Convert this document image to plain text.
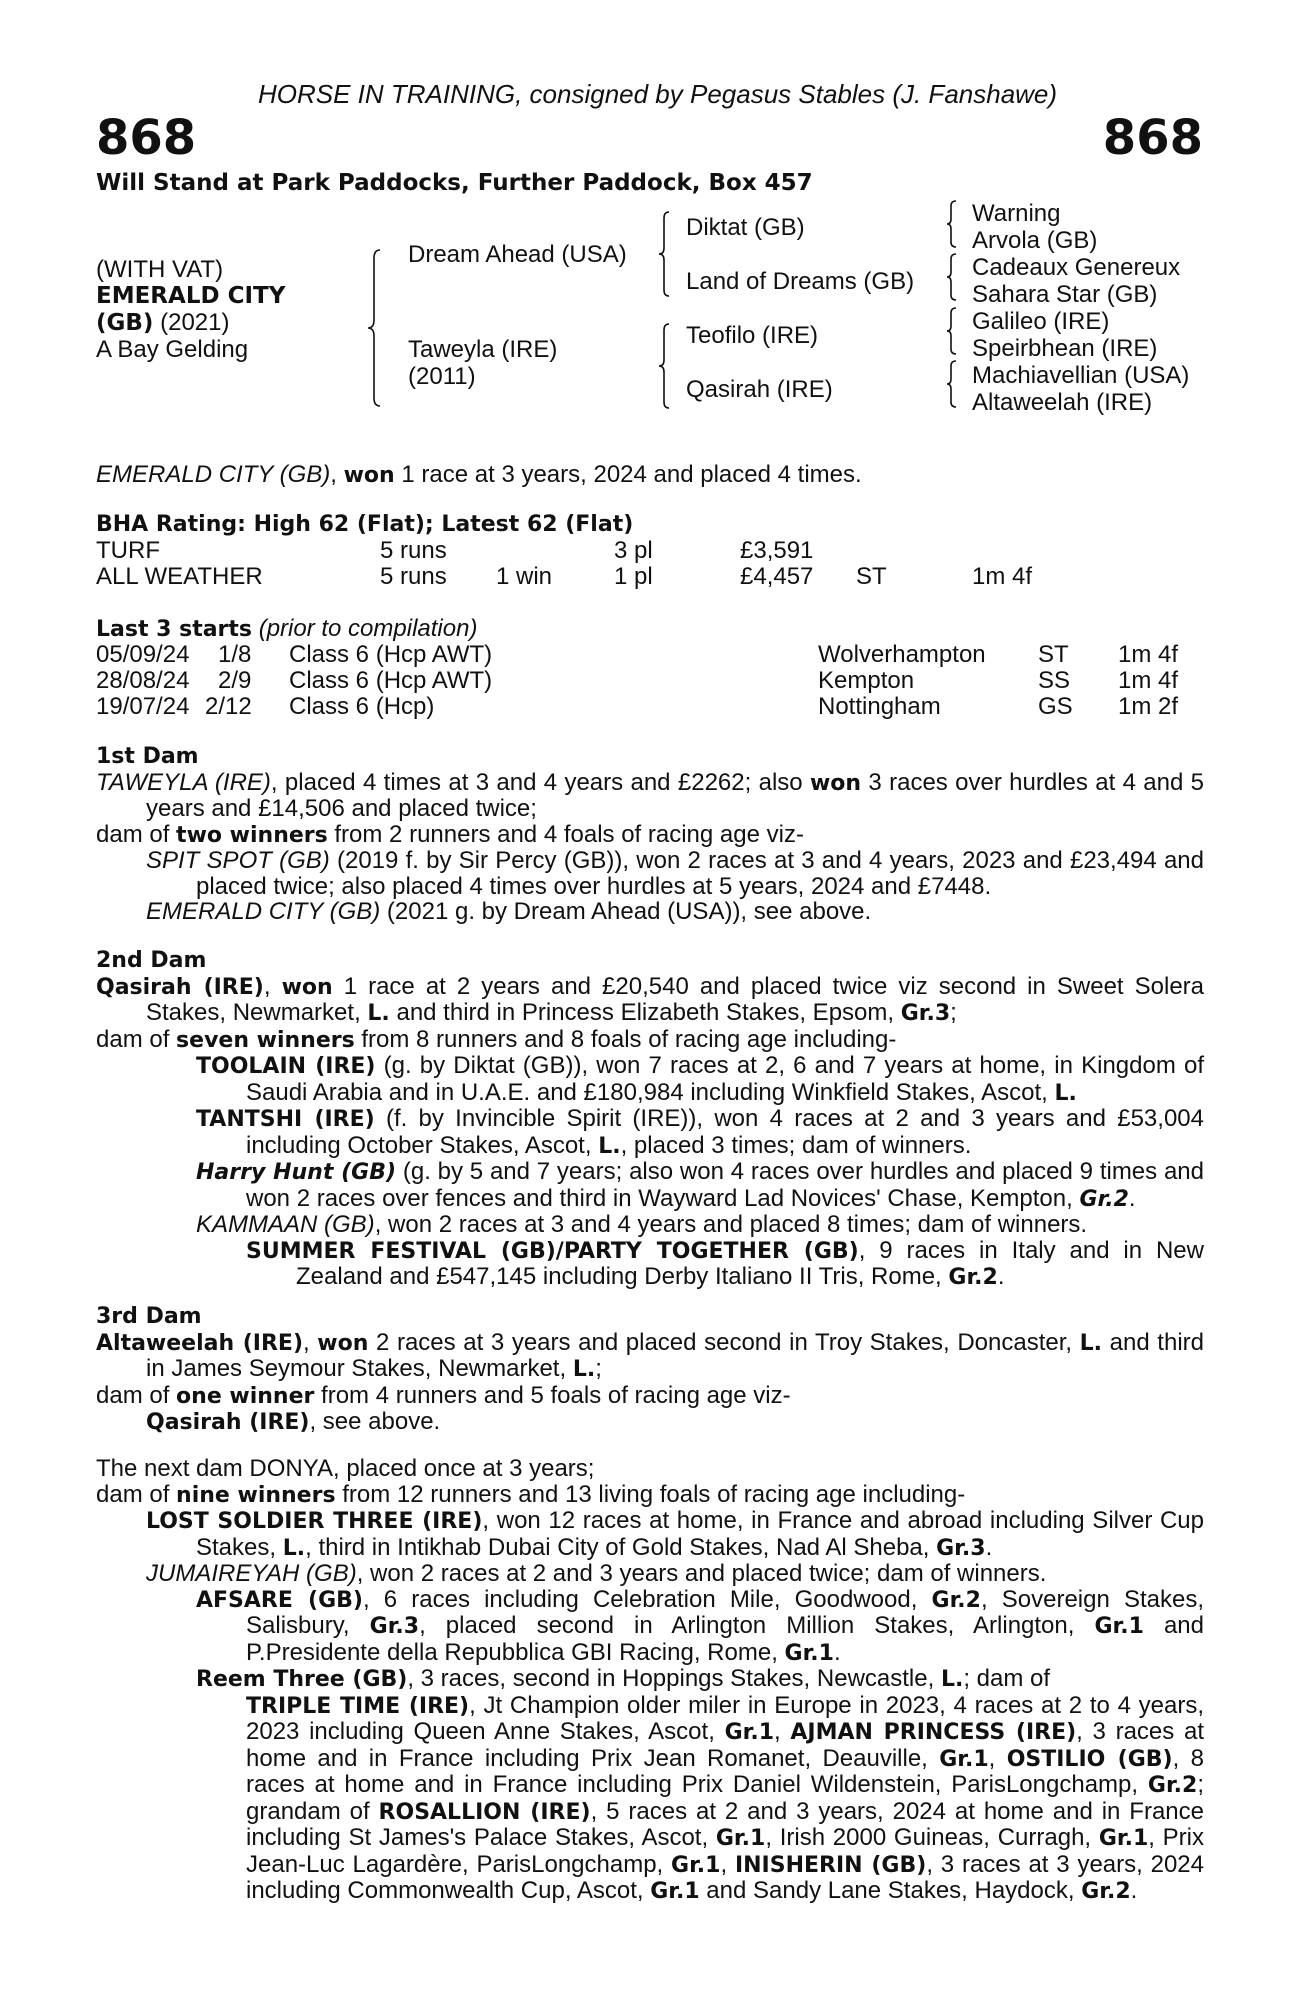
HORSE IN TRAINING, consigned by Pegasus Stables (J. Fanshawe)
868	868
Will Stand at Park Paddocks, Further Paddock, Box 457
(WITH VAT)
EMERALD CITY
(GB) (2021)
A Bay Gelding
Dream Ahead (USA)
Taweyla (IRE)
(2011)
Diktat (GB)
Land of Dreams (GB)
Teofilo (IRE)
Qasirah (IRE)
Warning
Arvola (GB)
Cadeaux Genereux
Sahara Star (GB)
Galileo (IRE)
Speirbhean (IRE)
Machiavellian (USA)
Altaweelah (IRE)

EMERALD CITY (GB), won 1 race at 3 years, 2024 and placed 4 times.

BHA Rating: High 62 (Flat); Latest 62 (Flat)
TURF	5 runs	3 pl	£3,591
ALL WEATHER	5 runs 1 win	1 pl	£4,457 ST	1m 4f
Last 3 starts (prior to compilation)
05/09/24 1/8 Class 6 (Hcp AWT)	Wolverhampton ST 1m 4f
28/08/24 2/9 Class 6 (Hcp AWT)	Kempton	SS 1m 4f
19/07/24 2/12 Class 6 (Hcp)	Nottingham	GS 1m 2f
1st Dam

TAWEYLA (IRE), placed 4 times at 3 and 4 years and £2262; also won 3 races over hurdles at 4 and 5 years and £14,506 and placed twice;

dam of two winners from 2 runners and 4 foals of racing age viz-

SPIT SPOT (GB) (2019 f. by Sir Percy (GB)), won 2 races at 3 and 4 years, 2023 and £23,494 and placed twice; also placed 4 times over hurdles at 5 years, 2024 and £7448.

EMERALD CITY (GB) (2021 g. by Dream Ahead (USA)), see above.

2nd Dam

Qasirah (IRE), won 1 race at 2 years and £20,540 and placed twice viz second in Sweet Solera Stakes, Newmarket, L. and third in Princess Elizabeth Stakes, Epsom, Gr.3;

dam of seven winners from 8 runners and 8 foals of racing age including-

TOOLAIN (IRE) (g. by Diktat (GB)), won 7 races at 2, 6 and 7 years at home, in Kingdom of Saudi Arabia and in U.A.E. and £180,984 including Winkfield Stakes, Ascot, L.

TANTSHI (IRE) (f. by Invincible Spirit (IRE)), won 4 races at 2 and 3 years and £53,004 including October Stakes, Ascot, L., placed 3 times; dam of winners.

Harry Hunt (GB) (g. by 5 and 7 years; also won 4 races over hurdles and placed 9 times and won 2 races over fences and third in Wayward Lad Novices' Chase, Kempton, Gr.2.

KAMMAAN (GB), won 2 races at 3 and 4 years and placed 8 times; dam of winners.

SUMMER FESTIVAL (GB)/PARTY TOGETHER (GB), 9 races in Italy and in New Zealand and £547,145 including Derby Italiano II Tris, Rome, Gr.2.

3rd Dam

Altaweelah (IRE), won 2 races at 3 years and placed second in Troy Stakes, Doncaster, L. and third in James Seymour Stakes, Newmarket, L.;

dam of one winner from 4 runners and 5 foals of racing age viz-

Qasirah (IRE), see above.

The next dam DONYA, placed once at 3 years;

dam of nine winners from 12 runners and 13 living foals of racing age including-

LOST SOLDIER THREE (IRE), won 12 races at home, in France and abroad including Silver Cup Stakes, L., third in Intikhab Dubai City of Gold Stakes, Nad Al Sheba, Gr.3.

JUMAIREYAH (GB), won 2 races at 2 and 3 years and placed twice; dam of winners.

AFSARE (GB), 6 races including Celebration Mile, Goodwood, Gr.2, Sovereign Stakes, Salisbury, Gr.3, placed second in Arlington Million Stakes, Arlington, Gr.1 and P.Presidente della Repubblica GBI Racing, Rome, Gr.1.

Reem Three (GB), 3 races, second in Hoppings Stakes, Newcastle, L.; dam of

TRIPLE TIME (IRE), Jt Champion older miler in Europe in 2023, 4 races at 2 to 4 years, 2023 including Queen Anne Stakes, Ascot, Gr.1, AJMAN PRINCESS (IRE), 3 races at home and in France including Prix Jean Romanet, Deauville, Gr.1, OSTILIO (GB), 8 races at home and in France including Prix Daniel Wildenstein, ParisLongchamp, Gr.2; grandam of ROSALLION (IRE), 5 races at 2 and 3 years, 2024 at home and in France including St James's Palace Stakes, Ascot, Gr.1, Irish 2000 Guineas, Curragh, Gr.1, Prix Jean-Luc Lagardère, ParisLongchamp, Gr.1, INISHERIN (GB), 3 races at 3 years, 2024 including Commonwealth Cup, Ascot, Gr.1 and Sandy Lane Stakes, Haydock, Gr.2.
